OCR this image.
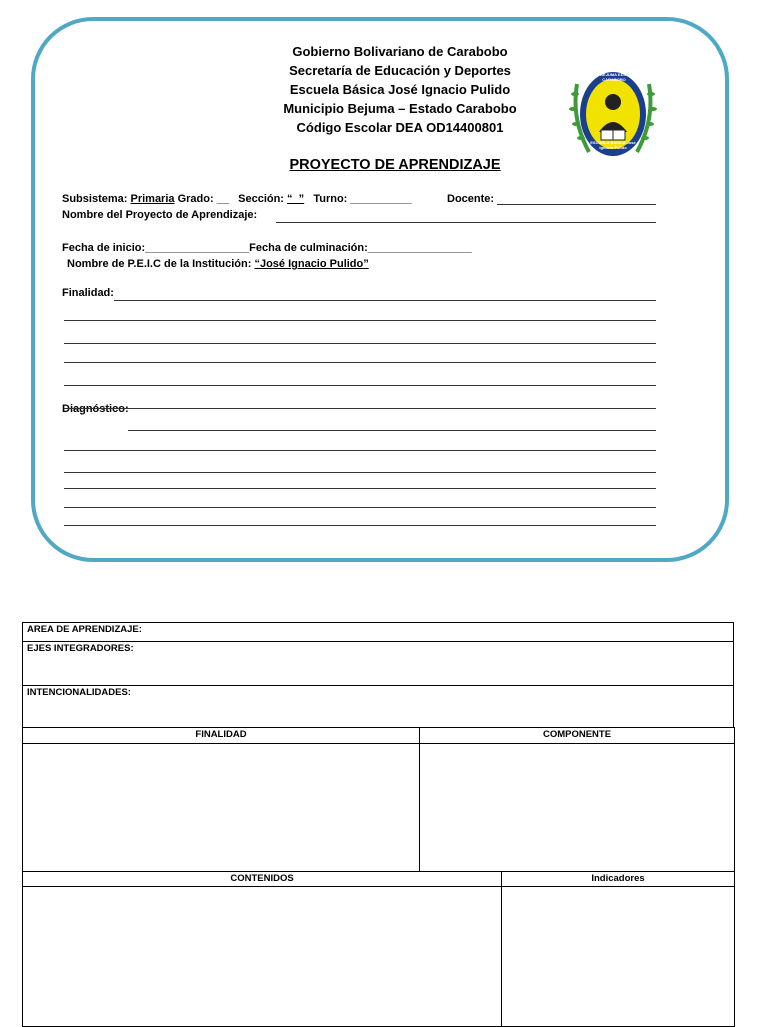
Gobierno Bolivariano de Carabobo
Secretaría de Educación y Deportes
Escuela Básica José Ignacio Pulido
Municipio Bejuma – Estado Carabobo
Código Escolar DEA OD14400801
BEJUMA EDO. CARABOBO
ESCUELA BASICA José Ignacio Pulido
PROYECTO DE APRENDIZAJE
Subsistema: Primaria Grado: __ Sección: “_” Turno: __________	Docente:
Nombre del Proyecto de Aprendizaje:
Fecha de inicio:_________________Fecha de culminación:_________________
Nombre de P.E.I.C de la Institución: “José Ignacio Pulido”
Finalidad:
Diagnóstico:
AREA DE APRENDIZAJE:
EJES INTEGRADORES:
INTENCIONALIDADES:
FINALIDAD	COMPONENTE

CONTENIDOS	Indicadores
